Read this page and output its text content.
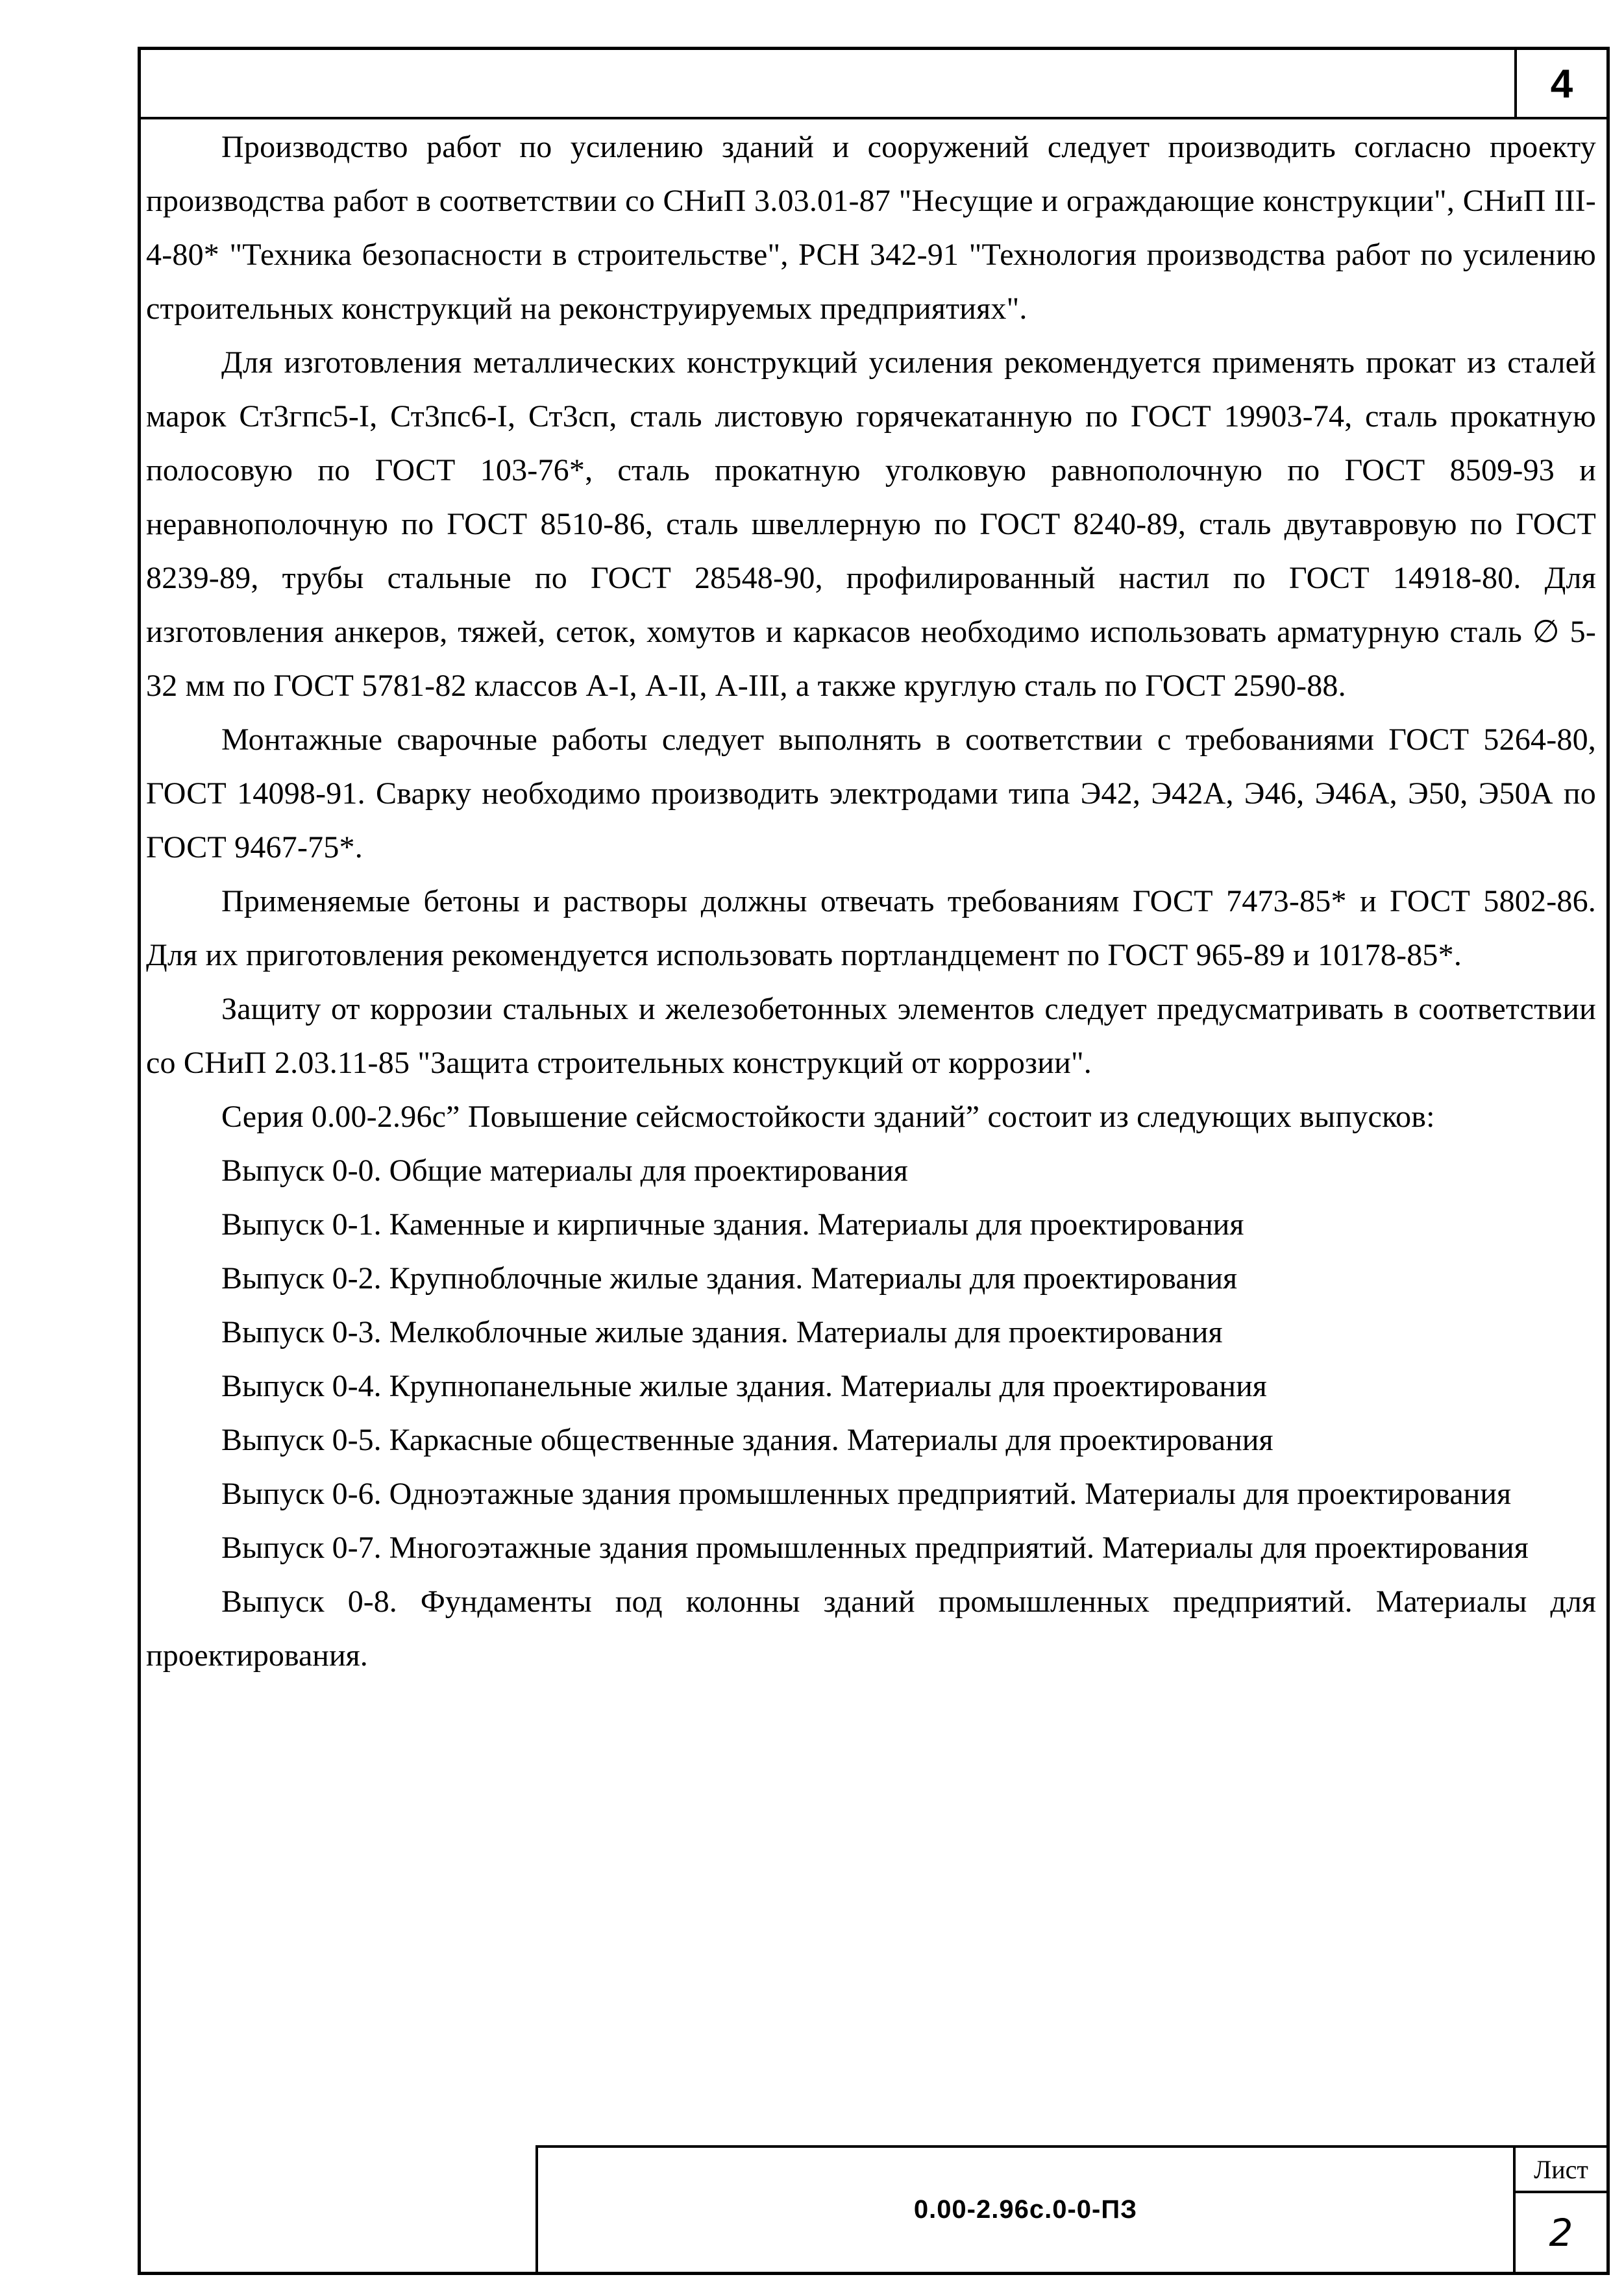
4

Производство работ по усилению зданий и сооружений следует производить согласно проекту производства работ в соответствии со СНиП 3.03.01-87 "Несущие и ограждающие конструкции", СНиП III-4-80* "Техника безопасности в строительстве", РСН 342-91 "Технология производства работ по усилению строительных конструкций на реконструируемых предприятиях".

Для изготовления металлических конструкций усиления рекомендуется применять прокат из сталей марок Ст3гпс5-I, Ст3пс6-I, Ст3сп, сталь листовую горячекатанную по ГОСТ 19903-74, сталь прокатную полосовую по ГОСТ 103-76*, сталь прокатную уголковую равнополочную по ГОСТ 8509-93 и неравнополочную по ГОСТ 8510-86, сталь швеллерную по ГОСТ 8240-89, сталь двутавровую по ГОСТ 8239-89, трубы стальные по ГОСТ 28548-90, профилированный настил по ГОСТ 14918-80. Для изготовления анкеров, тяжей, сеток, хомутов и каркасов необходимо использовать арматурную сталь ∅ 5-32 мм по ГОСТ 5781-82 классов А-I, А-II, А-III, а также круглую сталь по ГОСТ 2590-88.

Монтажные сварочные работы следует выполнять в соответствии с требованиями ГОСТ 5264-80, ГОСТ 14098-91. Сварку необходимо производить электродами типа Э42, Э42А, Э46, Э46А, Э50, Э50А по ГОСТ 9467-75*.

Применяемые бетоны и растворы должны отвечать требованиям ГОСТ 7473-85* и ГОСТ 5802-86. Для их приготовления рекомендуется использовать портландцемент по ГОСТ 965-89 и 10178-85*.

Защиту от коррозии стальных и железобетонных элементов следует предусматривать в соответствии со СНиП 2.03.11-85 "Защита строительных конструкций от коррозии".

Серия 0.00-2.96с” Повышение сейсмостойкости зданий” состоит из следующих выпусков:

Выпуск 0-0. Общие материалы для проектирования

Выпуск 0-1. Каменные и кирпичные здания. Материалы для проектирования

Выпуск 0-2. Крупноблочные жилые здания. Материалы для проектирования

Выпуск 0-3. Мелкоблочные жилые здания. Материалы для проектирования

Выпуск 0-4. Крупнопанельные жилые здания. Материалы для проектирования

Выпуск 0-5. Каркасные общественные здания. Материалы для проектирования

Выпуск 0-6. Одноэтажные здания промышленных предприятий. Материалы для проектирования

Выпуск 0-7. Многоэтажные здания промышленных предприятий. Материалы для проектирования

Выпуск 0-8. Фундаменты под колонны зданий промышленных предприятий. Материалы для проектирования.

0.00-2.96с.0-0-ПЗ
Лист
2
